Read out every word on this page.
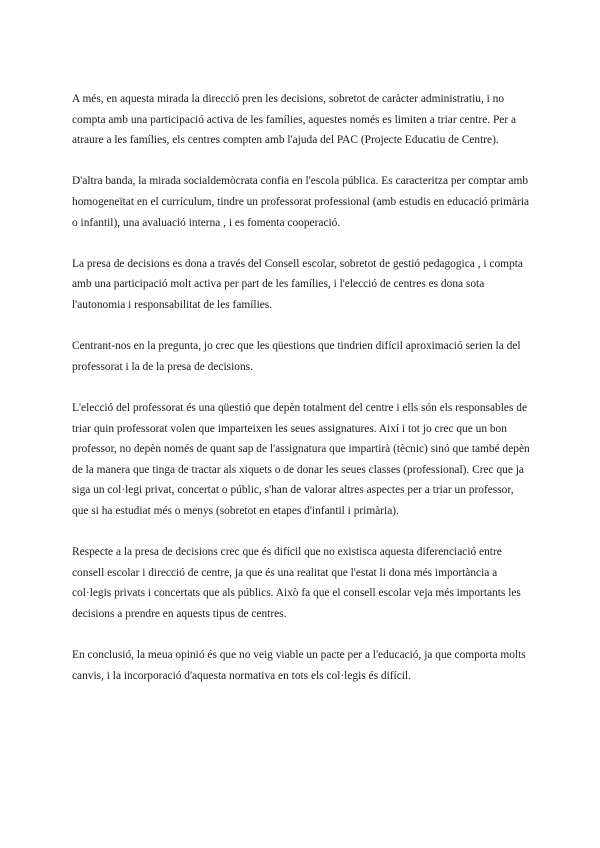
A més, en aquesta mirada la direcció pren les decisions, sobretot de caràcter administratiu, i no compta amb una participació activa de les famílies, aquestes només es limiten a triar centre. Per a atraure a les famílies, els centres compten amb l'ajuda del PAC (Projecte Educatiu de Centre).

D'altra banda, la mirada socialdemòcrata confia en l'escola pública. Es caracteritza per comptar amb homogeneïtat en el currículum, tindre un professorat professional (amb estudis en educació primària o infantil), una avaluació interna , i es fomenta cooperació.

La presa de decisions es dona a través del Consell escolar, sobretot de gestió pedagogica , i compta amb una participació molt activa per part de les famílies, i l'elecció de centres es dona sota l'autonomia i responsabilitat de les famílies.

Centrant-nos en la pregunta, jo crec que les qüestions que tindrien difícil aproximació serien la del professorat i la de la presa de decisions.

L'elecció del professorat és una qüestió que depèn totalment del centre i ells són els responsables de triar quin professorat volen que imparteixen les seues assignatures. Així i tot jo crec que un bon professor, no depèn només de quant sap de l'assignatura que impartirà (tècnic) sinó que també depèn de la manera que tinga de tractar als xiquets o de donar les seues classes (professional). Crec que ja siga un col·legi privat, concertat o públic, s'han de valorar altres aspectes per a triar un professor, que si ha estudiat més o menys (sobretot en etapes d'infantil i primària).

Respecte a la presa de decisions crec que és difícil que no existisca aquesta diferenciació entre consell escolar i direcció de centre, ja que és una realitat que l'estat li dona més importància a col·legis privats i concertats que als públics. Això fa que el consell escolar veja més importants les decisions a prendre en aquests tipus de centres.

En conclusió, la meua opinió és que no veig viable un pacte per a l'educació, ja que comporta molts canvis, i la incorporació d'aquesta normativa en tots els col·legis és difícil.
